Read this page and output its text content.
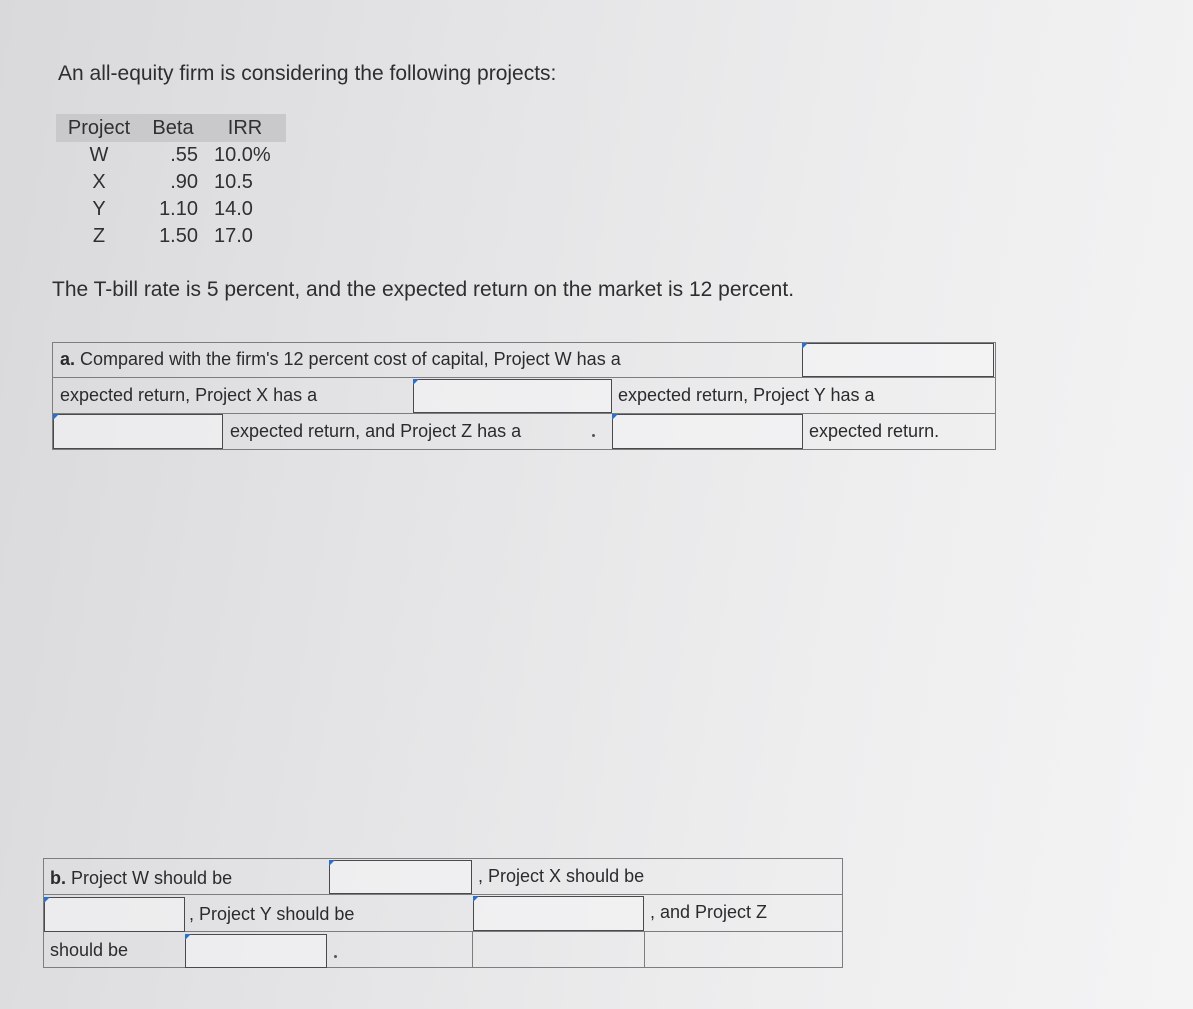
An all-equity firm is considering the following projects:
Project	Beta	IRR
W	.55	10.0%
X	.90	10.5
Y	1.10	14.0
Z	1.50	17.0
The T-bill rate is 5 percent, and the expected return on the market is 12 percent.
a. Compared with the firm's 12 percent cost of capital, Project W has a
expected return, Project X has a	expected return, Project Y has a
expected return, and Project Z has a	expected return.
b. Project W should be	, Project X should be
, Project Y should be	, and Project Z
should be
